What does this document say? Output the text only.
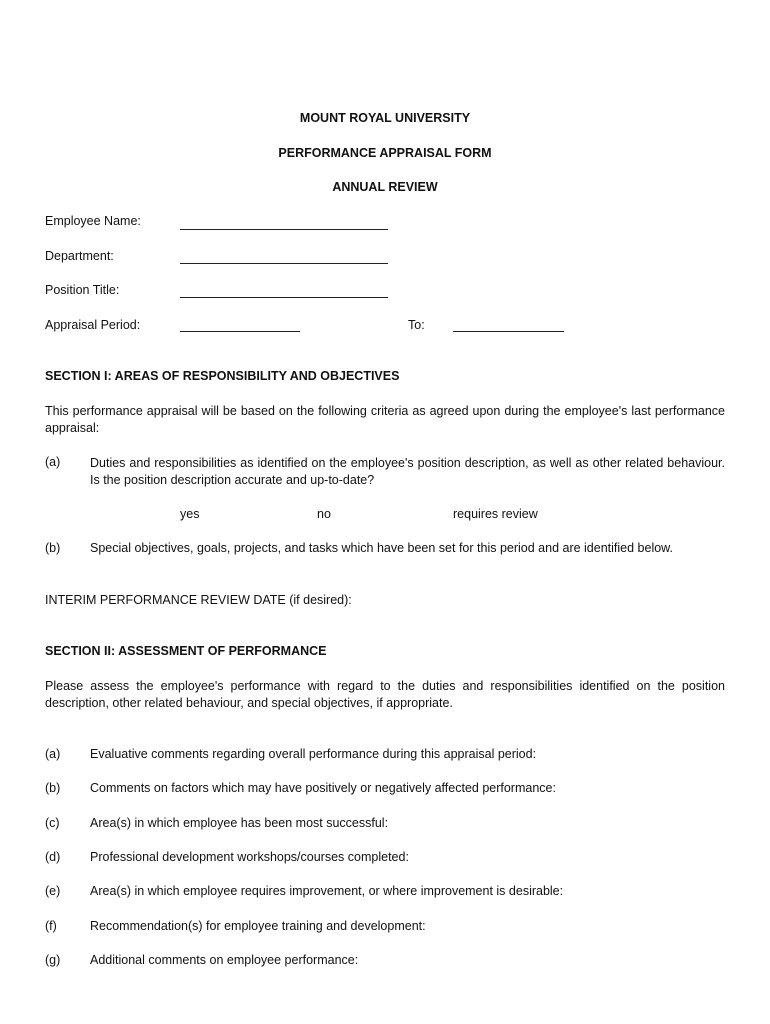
MOUNT ROYAL UNIVERSITY
PERFORMANCE APPRAISAL FORM
ANNUAL REVIEW
Employee Name:
Department:
Position Title:
Appraisal Period:	To:
SECTION I: AREAS OF RESPONSIBILITY AND OBJECTIVES
This performance appraisal will be based on the following criteria as agreed upon during the employee's last performance appraisal:
(a) Duties and responsibilities as identified on the employee's position description, as well as other related behaviour. Is the position description accurate and up-to-date?
yes	no	requires review
(b) Special objectives, goals, projects, and tasks which have been set for this period and are identified below.
INTERIM PERFORMANCE REVIEW DATE (if desired):
SECTION II: ASSESSMENT OF PERFORMANCE
Please assess the employee's performance with regard to the duties and responsibilities identified on the position description, other related behaviour, and special objectives, if appropriate.
(a) Evaluative comments regarding overall performance during this appraisal period:
(b) Comments on factors which may have positively or negatively affected performance:
(c) Area(s) in which employee has been most successful:
(d) Professional development workshops/courses completed:
(e) Area(s) in which employee requires improvement, or where improvement is desirable:
(f)	Recommendation(s) for employee training and development:
(g) Additional comments on employee performance:
